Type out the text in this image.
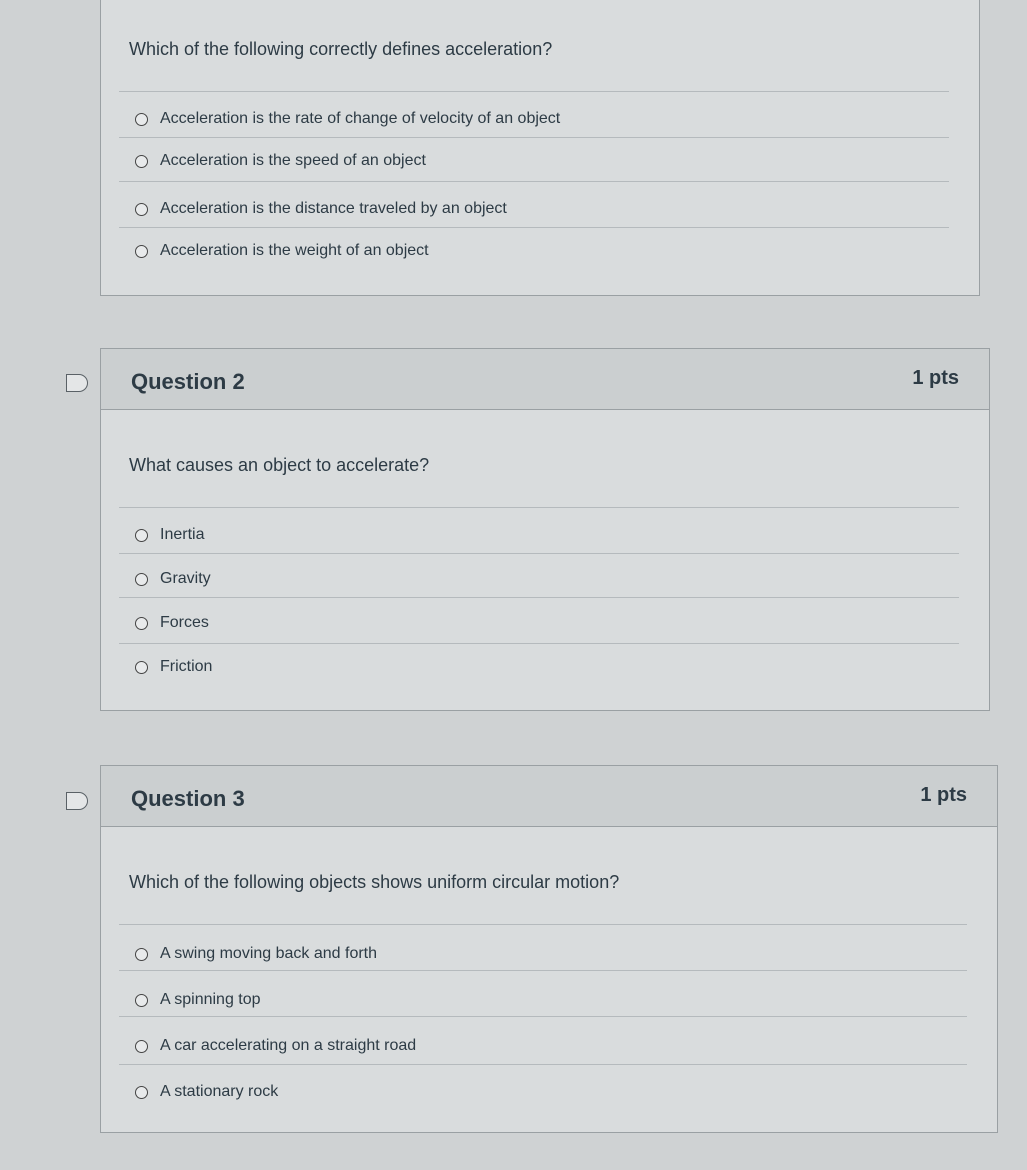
Which of the following correctly defines acceleration?
Acceleration is the rate of change of velocity of an object
Acceleration is the speed of an object
Acceleration is the distance traveled by an object
Acceleration is the weight of an object
Question 2	1 pts
What causes an object to accelerate?
Inertia
Gravity
Forces
Friction
Question 3	1 pts
Which of the following objects shows uniform circular motion?
A swing moving back and forth
A spinning top
A car accelerating on a straight road
A stationary rock
